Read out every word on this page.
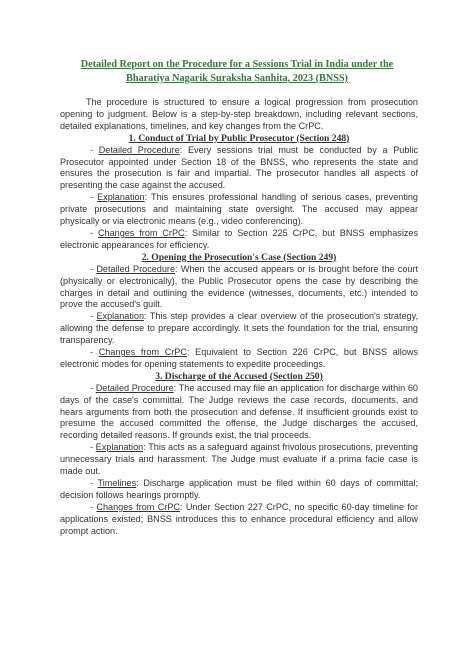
Detailed Report on the Procedure for a Sessions Trial in India under the
Bharatiya Nagarik Suraksha Sanhita, 2023 (BNSS)

The procedure is structured to ensure a logical progression from prosecution opening to judgment. Below is a step-by-step breakdown, including relevant sections, detailed explanations, timelines, and key changes from the CrPC.

1. Conduct of Trial by Public Prosecutor (Section 248)

- Detailed Procedure: Every sessions trial must be conducted by a Public Prosecutor appointed under Section 18 of the BNSS, who represents the state and ensures the prosecution is fair and impartial. The prosecutor handles all aspects of presenting the case against the accused.

- Explanation: This ensures professional handling of serious cases, preventing private prosecutions and maintaining state oversight. The accused may appear physically or via electronic means (e.g., video conferencing).

- Changes from CrPC: Similar to Section 225 CrPC, but BNSS emphasizes electronic appearances for efficiency.

2. Opening the Prosecution's Case (Section 249)

- Detailed Procedure: When the accused appears or is brought before the court (physically or electronically), the Public Prosecutor opens the case by describing the charges in detail and outlining the evidence (witnesses, documents, etc.) intended to prove the accused's guilt.

- Explanation: This step provides a clear overview of the prosecution's strategy, allowing the defense to prepare accordingly. It sets the foundation for the trial, ensuring transparency.

- Changes from CrPC: Equivalent to Section 226 CrPC, but BNSS allows electronic modes for opening statements to expedite proceedings.

3. Discharge of the Accused (Section 250)

- Detailed Procedure: The accused may file an application for discharge within 60 days of the case's committal. The Judge reviews the case records, documents, and hears arguments from both the prosecution and defense. If insufficient grounds exist to presume the accused committed the offense, the Judge discharges the accused, recording detailed reasons. If grounds exist, the trial proceeds.

- Explanation: This acts as a safeguard against frivolous prosecutions, preventing unnecessary trials and harassment. The Judge must evaluate if a prima facie case is made out.

- Timelines: Discharge application must be filed within 60 days of committal; decision follows hearings promptly.

- Changes from CrPC: Under Section 227 CrPC, no specific 60-day timeline for applications existed; BNSS introduces this to enhance procedural efficiency and allow prompt action.
